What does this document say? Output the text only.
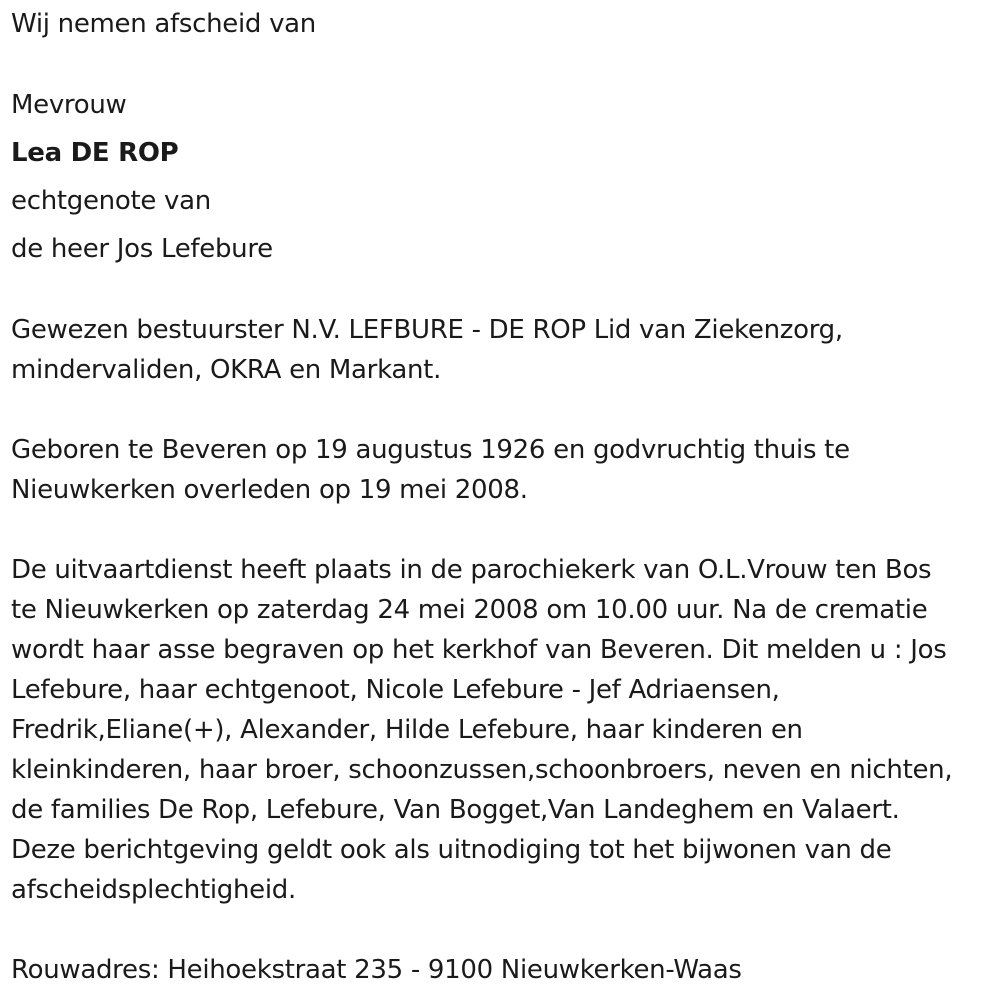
Wij nemen afscheid van
Mevrouw
Lea DE ROP
echtgenote van
de heer Jos Lefebure
Gewezen bestuurster N.V. LEFBURE - DE ROP Lid van Ziekenzorg,
mindervaliden, OKRA en Markant.
Geboren te Beveren op 19 augustus 1926 en godvruchtig thuis te
Nieuwkerken overleden op 19 mei 2008.
De uitvaartdienst heeft plaats in de parochiekerk van O.L.Vrouw ten Bos
te Nieuwkerken op zaterdag 24 mei 2008 om 10.00 uur. Na de crematie
wordt haar asse begraven op het kerkhof van Beveren. Dit melden u : Jos
Lefebure, haar echtgenoot, Nicole Lefebure - Jef Adriaensen,
Fredrik,Eliane(+), Alexander, Hilde Lefebure, haar kinderen en
kleinkinderen, haar broer, schoonzussen,schoonbroers, neven en nichten,
de families De Rop, Lefebure, Van Bogget,Van Landeghem en Valaert.
Deze berichtgeving geldt ook als uitnodiging tot het bijwonen van de
afscheidsplechtigheid.
Rouwadres: Heihoekstraat 235 - 9100 Nieuwkerken-Waas
